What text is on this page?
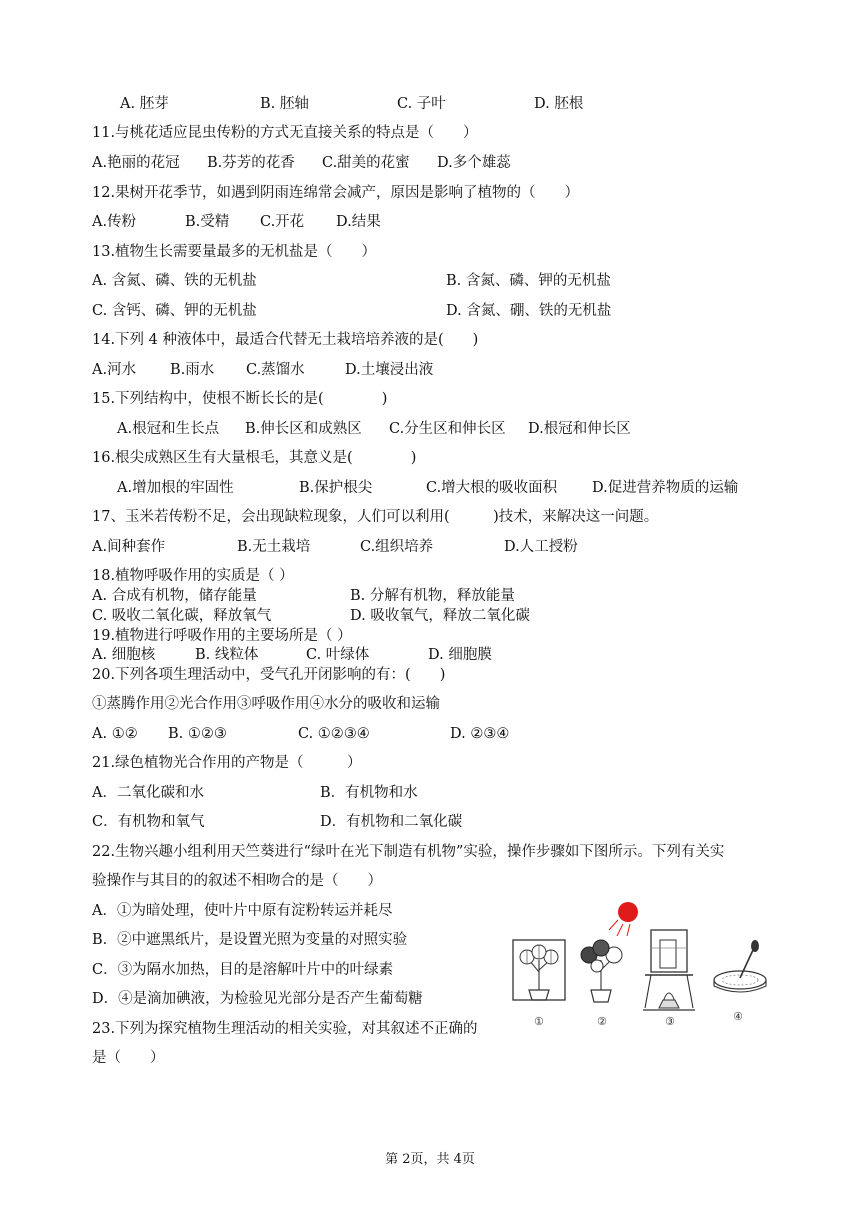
A. 胚芽	B. 胚轴	C. 子叶	D. 胚根
11.与桃花适应昆虫传粉的方式无直接关系的特点是（　　）
A.艳丽的花冠 B.芬芳的花香 C.甜美的花蜜 D.多个雄蕊
12.果树开花季节，如遇到阴雨连绵常会减产，原因是影响了植物的（　　）
A.传粉	B.受精 C.开花 D.结果
13.植物生长需要量最多的无机盐是（　　）
A. 含氮、磷、铁的无机盐	B. 含氮、磷、钾的无机盐
C. 含钙、磷、钾的无机盐	D. 含氮、硼、铁的无机盐
14.下列 4 种液体中，最适合代替无土栽培培养液的是(　　)
A.河水 B.雨水 C.蒸馏水	D.土壤浸出液
15.下列结构中，使根不断长长的是(　　　　)
A.根冠和生长点 B.伸长区和成熟区 C.分生区和伸长区 D.根冠和伸长区
16.根尖成熟区生有大量根毛，其意义是(　　　　)
A.增加根的牢固性	B.保护根尖	C.增大根的吸收面积 D.促进营养物质的运输
17、玉米若传粉不足，会出现缺粒现象，人们可以利用(　　　)技术，来解决这一问题。
A.间种套作	B.无土栽培	C.组织培养	D.人工授粉
18.植物呼吸作用的实质是（ ）
A. 合成有机物，储存能量	B. 分解有机物，释放能量
C. 吸收二氧化碳，释放氧气	D. 吸收氧气，释放二氧化碳
19.植物进行呼吸作用的主要场所是（ ）
A. 细胞核	B. 线粒体	C. 叶绿体	D. 细胞膜
20.下列各项生理活动中，受气孔开闭影响的有：(　　)
①蒸腾作用②光合作用③呼吸作用④水分的吸收和运输
A. ①② B. ①②③	C. ①②③④	D. ②③④
21.绿色植物光合作用的产物是（　　　）
A．二氧化碳和水	B．有机物和水
C．有机物和氧气	D．有机物和二氧化碳
22.生物兴趣小组利用天竺葵进行“绿叶在光下制造有机物”实验，操作步骤如下图所示。下列有关实
验操作与其目的的叙述不相吻合的是（　　）
A．①为暗处理，使叶片中原有淀粉转运并耗尽
B．②中遮黑纸片，是设置光照为变量的对照实验
C．③为隔水加热，目的是溶解叶片中的叶绿素
D．④是滴加碘液，为检验见光部分是否产生葡萄糖
①	②	③	④
23.下列为探究植物生理活动的相关实验，对其叙述不正确的
是（　　）
第 2页，共 4页
